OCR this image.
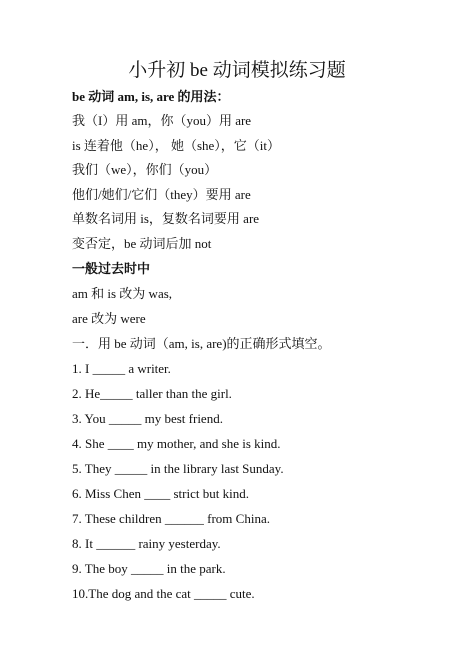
小升初 be 动词模拟练习题
be 动词 am, is, are 的用法：
我（I）用 am，你（you）用 are
is 连着他（he）， 她（she），它（it）
我们（we），你们（you）
他们/她们/它们（they）要用 are
单数名词用 is，复数名词要用 are
变否定，be 动词后加 not
一般过去时中
am 和 is 改为 was,
are 改为 were
一．用 be 动词（am, is, are)的正确形式填空。
1. I _____ a writer.
2. He_____ taller than the girl.
3. You _____ my best friend.
4. She ____ my mother, and she is kind.
5. They _____ in the library last Sunday.
6. Miss Chen ____ strict but kind.
7. These children ______ from China.
8. It ______ rainy yesterday.
9. The boy _____ in the park.
10.The dog and the cat _____ cute.
